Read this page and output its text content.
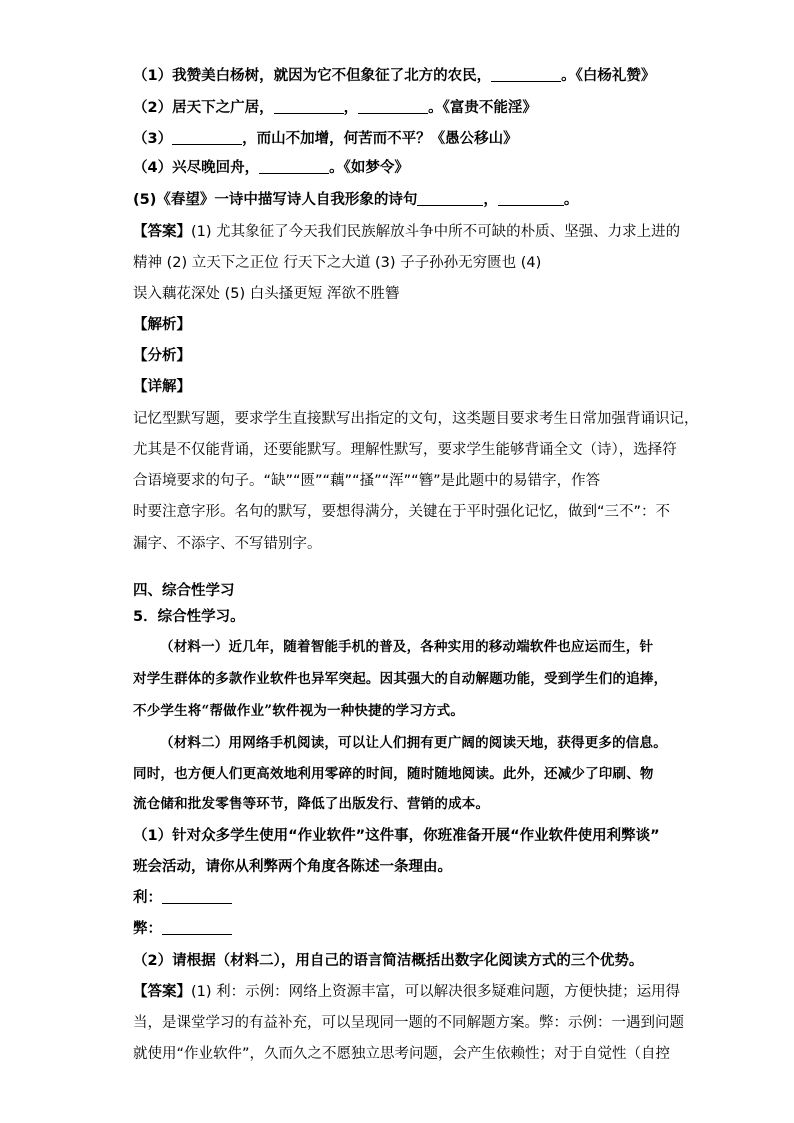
（1）我赞美白杨树，就因为它不但象征了北方的农民，	。《白杨礼赞》
（2）居天下之广居，	，	。《富贵不能淫》
（3）	，而山不加增，何苦而不平？《愚公移山》
（4）兴尽晚回舟，	。《如梦令》
(5)《春望》一诗中描写诗人自我形象的诗句	，	。
【答案】(1) 尤其象征了今天我们民族解放斗争中所不可缺的朴质、坚强、力求上进的
精神 (2) 立天下之正位 行天下之大道 (3) 子子孙孙无穷匮也 (4)
误入藕花深处 (5) 白头搔更短 浑欲不胜簪
【解析】
【分析】
【详解】
记忆型默写题，要求学生直接默写出指定的文句，这类题目要求考生日常加强背诵识记，
尤其是不仅能背诵，还要能默写。理解性默写，要求学生能够背诵全文（诗），选择符
合语境要求的句子。“缺”“匮”“藕”“搔”“浑”“簪”是此题中的易错字，作答
时要注意字形。名句的默写，要想得满分，关键在于平时强化记忆，做到“三不”：不
漏字、不添字、不写错别字。
四、综合性学习
5．综合性学习。
（材料一）近几年，随着智能手机的普及，各种实用的移动端软件也应运而生，针
对学生群体的多款作业软件也异军突起。因其强大的自动解题功能，受到学生们的追捧，
不少学生将“帮做作业”软件视为一种快捷的学习方式。
（材料二）用网络手机阅读，可以让人们拥有更广阔的阅读天地，获得更多的信息。
同时，也方便人们更高效地利用零碎的时间，随时随地阅读。此外，还减少了印刷、物
流仓储和批发零售等环节，降低了出版发行、营销的成本。
（1）针对众多学生使用“作业软件”这件事，你班准备开展“作业软件使用利弊谈”
班会活动，请你从利弊两个角度各陈述一条理由。
利：
弊：
（2）请根据（材料二），用自己的语言简洁概括出数字化阅读方式的三个优势。
【答案】(1) 利：示例：网络上资源丰富，可以解决很多疑难问题，方便快捷；运用得
当，是课堂学习的有益补充，可以呈现同一题的不同解题方案。弊：示例：一遇到问题
就使用“作业软件”，久而久之不愿独立思考问题，会产生依赖性；对于自觉性（自控
